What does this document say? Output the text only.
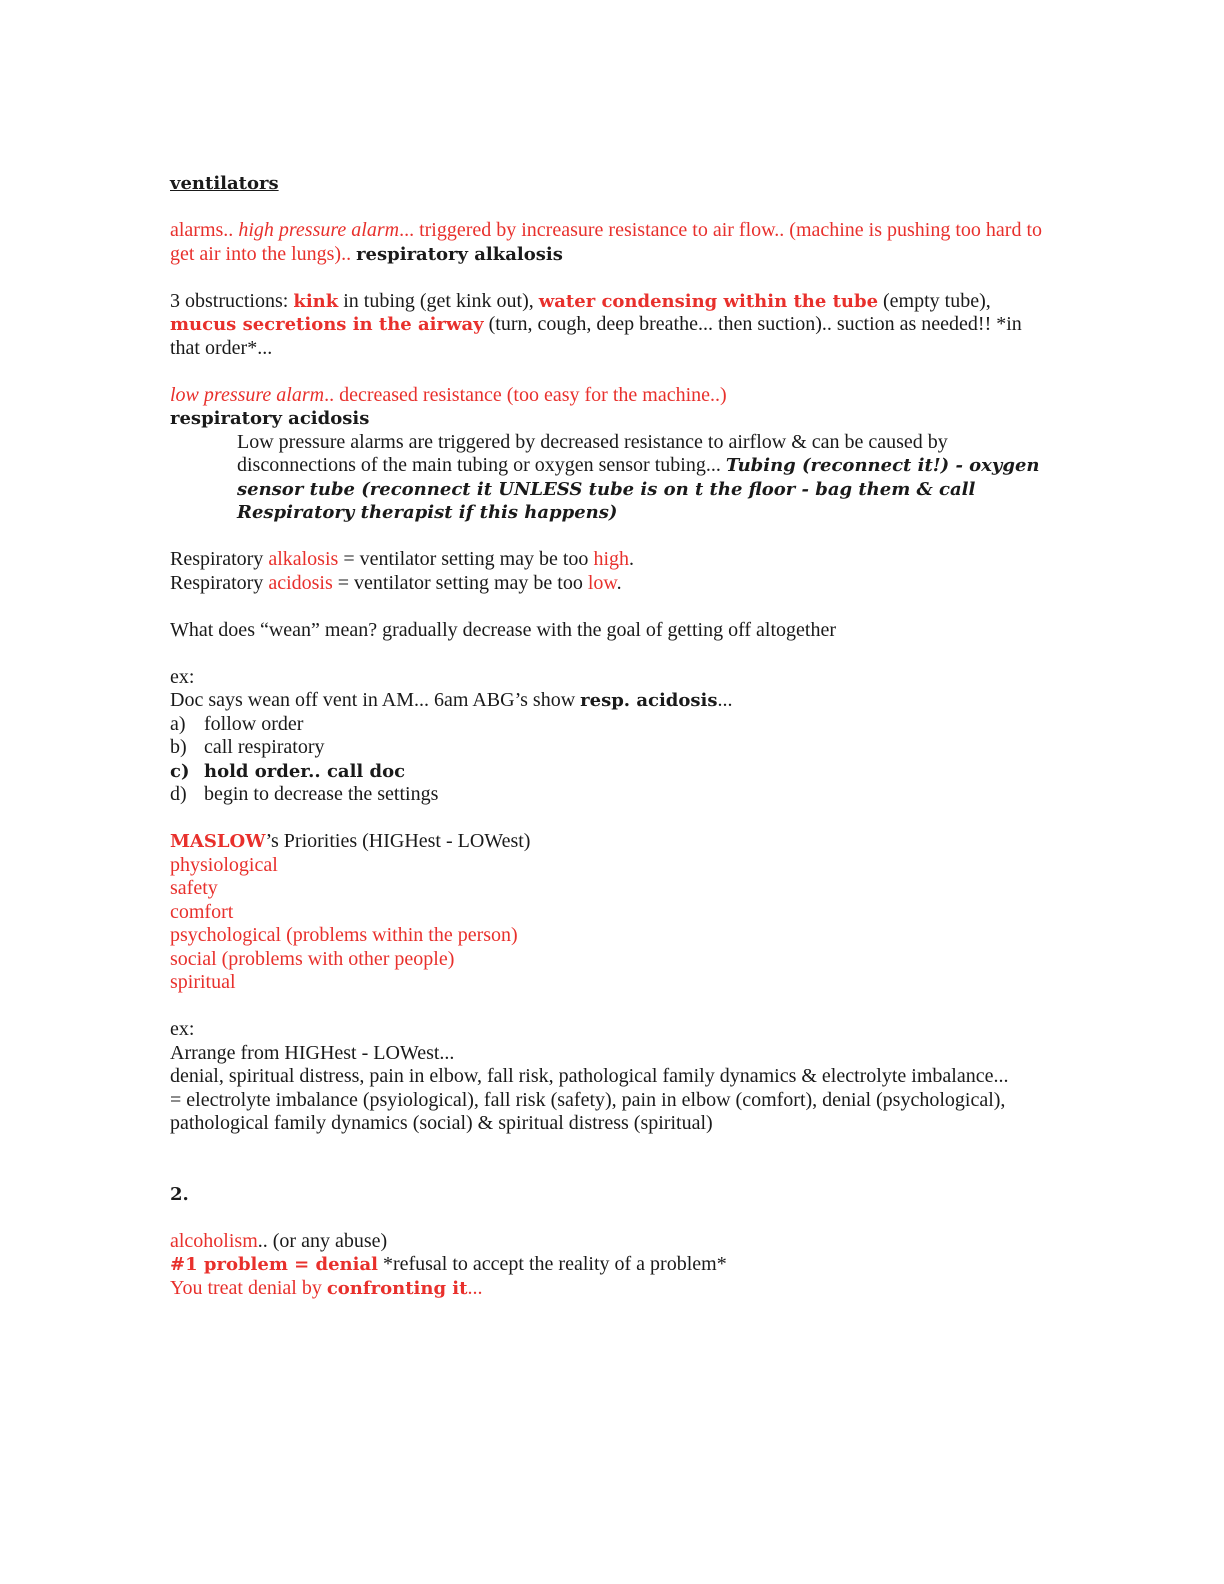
ventilators

alarms.. high pressure alarm... triggered by increasure resistance to air flow.. (machine is pushing too hard to get air into the lungs).. respiratory alkalosis

3 obstructions: kink in tubing (get kink out), water condensing within the tube (empty tube), mucus secretions in the airway (turn, cough, deep breathe... then suction).. suction as needed!! *in that order*...

low pressure alarm.. decreased resistance (too easy for the machine..)

respiratory acidosis

Low pressure alarms are triggered by decreased resistance to airflow & can be caused by disconnections of the main tubing or oxygen sensor tubing... Tubing (reconnect it!) - oxygen sensor tube (reconnect it UNLESS tube is on t the floor - bag them & call Respiratory therapist if this happens)

Respiratory alkalosis = ventilator setting may be too high.

Respiratory acidosis = ventilator setting may be too low.

What does “wean” mean? gradually decrease with the goal of getting off altogether

ex:

Doc says wean off vent in AM... 6am ABG’s show resp. acidosis...

a) follow order
b) call respiratory
c) hold order.. call doc
d) begin to decrease the settings

MASLOW’s Priorities (HIGHest - LOWest)

physiological

safety

comfort

psychological (problems within the person)

social (problems with other people)

spiritual

ex:

Arrange from HIGHest - LOWest...

denial, spiritual distress, pain in elbow, fall risk, pathological family dynamics & electrolyte imbalance...

= electrolyte imbalance (psyiological), fall risk (safety), pain in elbow (comfort), denial (psychological), pathological family dynamics (social) & spiritual distress (spiritual)

2.

alcoholism.. (or any abuse)

#1 problem = denial *refusal to accept the reality of a problem*

You treat denial by confronting it...
